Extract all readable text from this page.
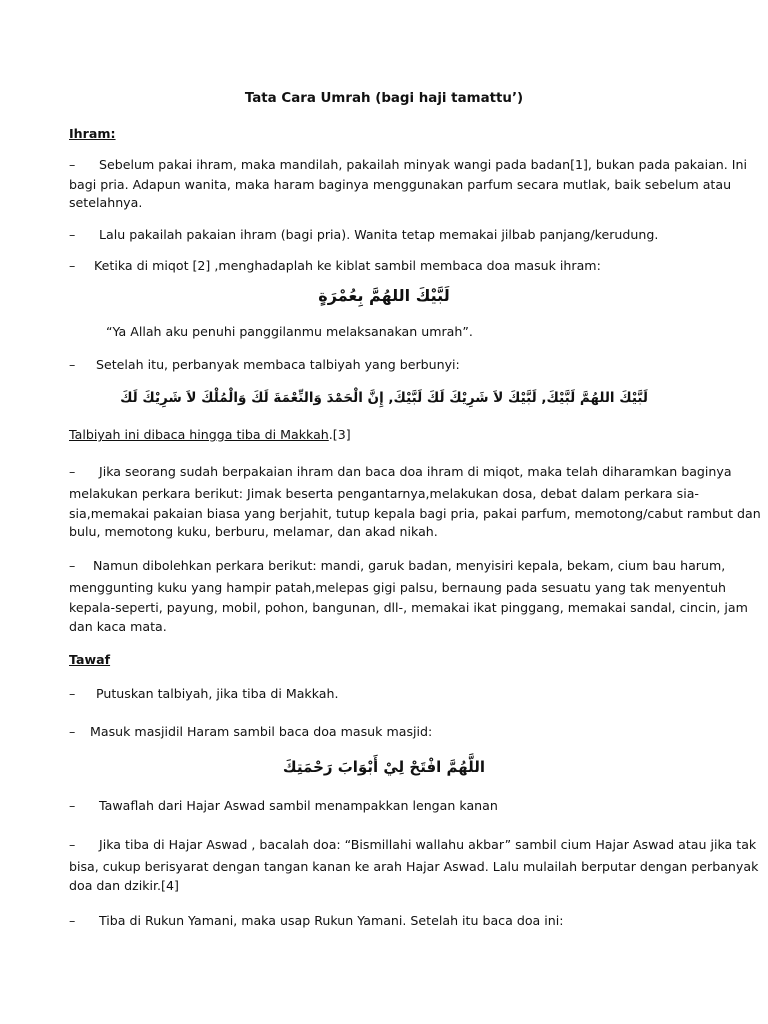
Tata Cara Umrah (bagi haji tamattu’)
Ihram:
– Sebelum pakai ihram, maka mandilah, pakailah minyak wangi pada badan[1], bukan pada pakaian. Ini
bagi pria. Adapun wanita, maka haram baginya menggunakan parfum secara mutlak, baik sebelum atau
setelahnya.
– Lalu pakailah pakaian ihram (bagi pria). Wanita tetap memakai jilbab panjang/kerudung.
– Ketika di miqot [2] ,menghadaplah ke kiblat sambil membaca doa masuk ihram:
لَبَّيْكَ اللهُمَّ بِعُمْرَةٍ
“Ya Allah aku penuhi panggilanmu melaksanakan umrah”.
– Setelah itu, perbanyak membaca talbiyah yang berbunyi:
لَبَّيْكَ اللهُمَّ لَبَّيْكَ, لَبَّيْكَ لاَ شَرِيْكَ لَكَ لَبَّيْكَ, إِنَّ الْحَمْدَ وَالنِّعْمَةَ لَكَ وَالْمُلْكَ لاَ شَرِيْكَ لَكَ
Talbiyah ini dibaca hingga tiba di Makkah.[3]
– Jika seorang sudah berpakaian ihram dan baca doa ihram di miqot, maka telah diharamkan baginya
melakukan perkara berikut: Jimak beserta pengantarnya,melakukan dosa, debat dalam perkara sia-
sia,memakai pakaian biasa yang berjahit, tutup kepala bagi pria, pakai parfum, memotong/cabut rambut dan
bulu, memotong kuku, berburu, melamar, dan akad nikah.
– Namun dibolehkan perkara berikut: mandi, garuk badan, menyisiri kepala, bekam, cium bau harum,
menggunting kuku yang hampir patah,melepas gigi palsu, bernaung pada sesuatu yang tak menyentuh
kepala-seperti, payung, mobil, pohon, bangunan, dll-, memakai ikat pinggang, memakai sandal, cincin, jam
dan kaca mata.
Tawaf
– Putuskan talbiyah, jika tiba di Makkah.
– Masuk masjidil Haram sambil baca doa masuk masjid:
اللَّهُمَّ افْتَحْ لِيْ أَبْوَابَ رَحْمَتِكَ
– Tawaflah dari Hajar Aswad sambil menampakkan lengan kanan
– Jika tiba di Hajar Aswad , bacalah doa: “Bismillahi wallahu akbar” sambil cium Hajar Aswad atau jika tak
bisa, cukup berisyarat dengan tangan kanan ke arah Hajar Aswad. Lalu mulailah berputar dengan perbanyak
doa dan dzikir.[4]
– Tiba di Rukun Yamani, maka usap Rukun Yamani. Setelah itu baca doa ini:
